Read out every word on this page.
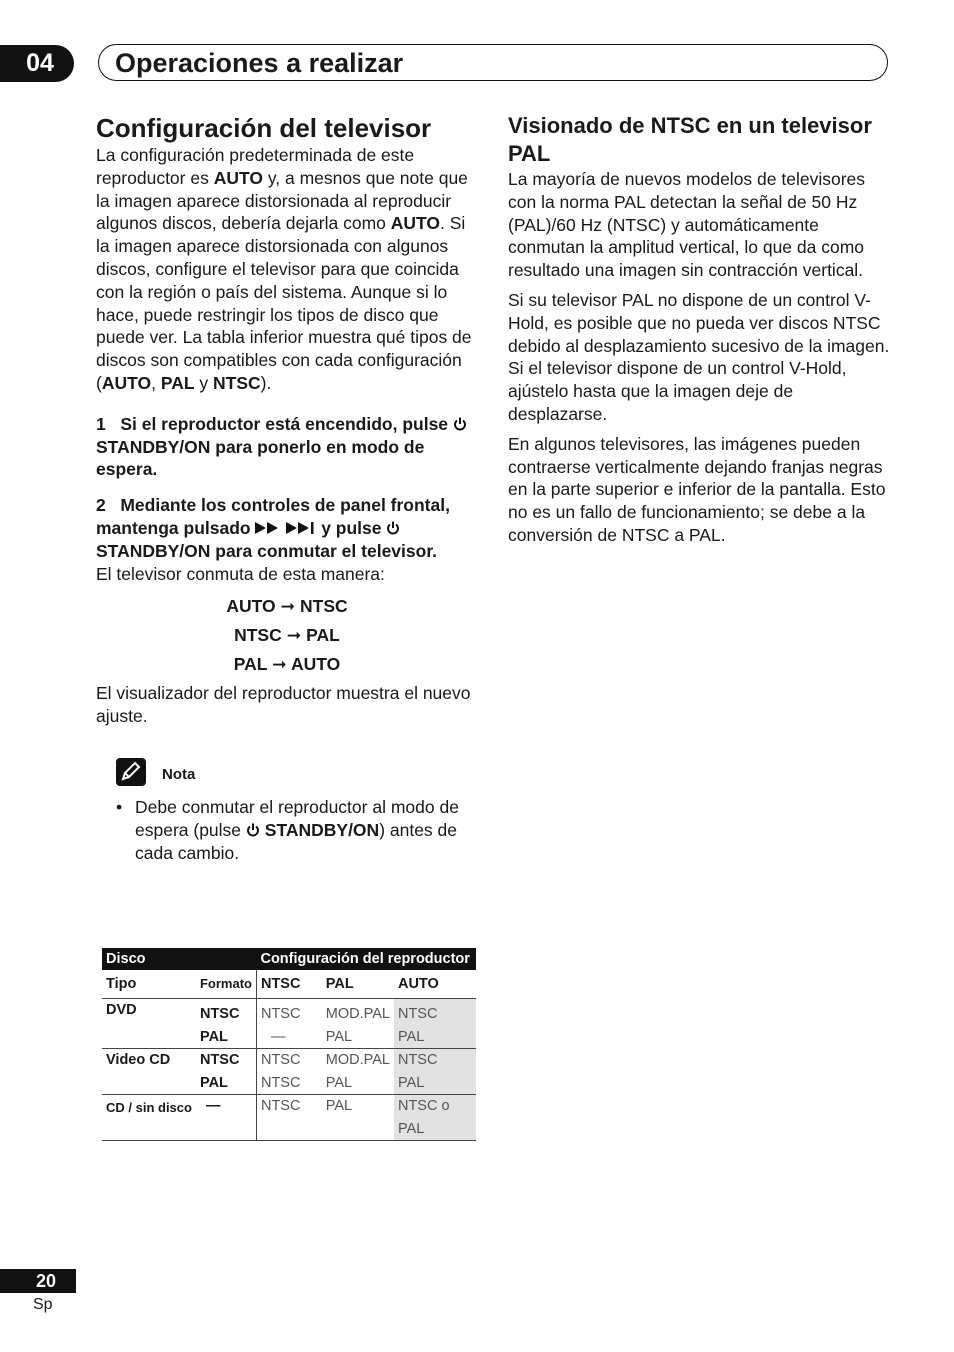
04	Operaciones a realizar
Configuración del televisor

La configuración predeterminada de este reproductor es AUTO y, a mesnos que note que la imagen aparece distorsionada al reproducir algunos discos, debería dejarla como AUTO. Si la imagen aparece distorsionada con algunos discos, configure el televisor para que coincida con la región o país del sistema. Aunque si lo hace, puede restringir los tipos de disco que puede ver. La tabla inferior muestra qué tipos de discos son compatibles con cada configuración (AUTO, PAL y NTSC).

1 Si el reproductor está encendido, pulse  STANDBY/ON para ponerlo en modo de espera.

2 Mediante los controles de panel frontal, mantenga pulsado	y pulse  STANDBY/ON para conmutar el televisor.

El televisor conmuta de esta manera:

AUTO ➞ NTSC
NTSC ➞ PAL
PAL ➞ AUTO

El visualizador del reproductor muestra el nuevo ajuste.

Nota

• Debe conmutar el reproductor al modo de espera (pulse  STANDBY/ON) antes de cada cambio.

Disco		Configuración del reproductor		
Tipo	Formato	NTSC	PAL	AUTO
DVD	NTSC	NTSC	MOD.PAL	NTSC
	PAL	—	PAL	PAL
Video CD	NTSC	NTSC	MOD.PAL	NTSC
	PAL	NTSC	PAL	PAL
CD / sin disco	—	NTSC	PAL	NTSC o PAL
Visionado de NTSC en un televisor PAL

La mayoría de nuevos modelos de televisores con la norma PAL detectan la señal de 50 Hz (PAL)/60 Hz (NTSC) y automáticamente conmutan la amplitud vertical, lo que da como resultado una imagen sin contracción vertical.

Si su televisor PAL no dispone de un control V-Hold, es posible que no pueda ver discos NTSC debido al desplazamiento sucesivo de la imagen. Si el televisor dispone de un control V-Hold, ajústelo hasta que la imagen deje de desplazarse.

En algunos televisores, las imágenes pueden contraerse verticalmente dejando franjas negras en la parte superior e inferior de la pantalla. Esto no es un fallo de funcionamiento; se debe a la conversión de NTSC a PAL.

20
Sp
